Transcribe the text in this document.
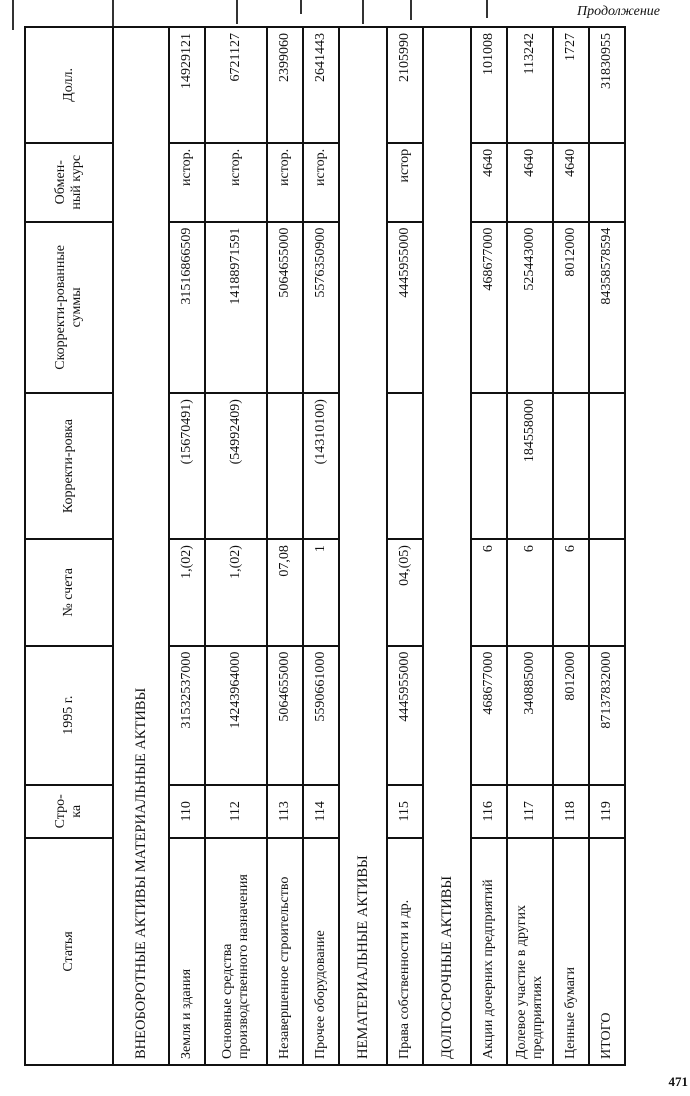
Продолжение
Статья	Стро-ка	1995 г.	№ счета	Корректи-ровка	Скорректи-рованные суммы	Обмен-ный курс	Долл.
ВНЕОБОРОТНЫЕ АКТИВЫ МАТЕРИАЛЬНЫЕ АКТИВЫ							
Земля и здания	110	31532537000	1,(02)	(15670491)	31516866509	истор.	14929121
Основные средства производственного назначения	112	14243964000	1,(02)	(54992409)	14188971591	истор.	6721127
Незавершенное строительство	113	5064655000	07,08		5064655000	истор.	2399060
Прочее оборудование	114	5590661000	1	(14310100)	5576350900	истор.	2641443
НЕМАТЕРИАЛЬНЫЕ АКТИВЫ							
Права собственности и др.	115	4445955000	04,(05)		4445955000	истор	2105990
ДОЛГОСРОЧНЫЕ АКТИВЫ							
Акции дочерних предприятий	116	468677000	6		468677000	4640	101008
Долевое участие в других предприятиях	117	340885000	6	184558000	525443000	4640	113242
Ценные бумаги	118	8012000	6		8012000	4640	1727
ИТОГО	119	87137832000			84358578594		31830955
471
